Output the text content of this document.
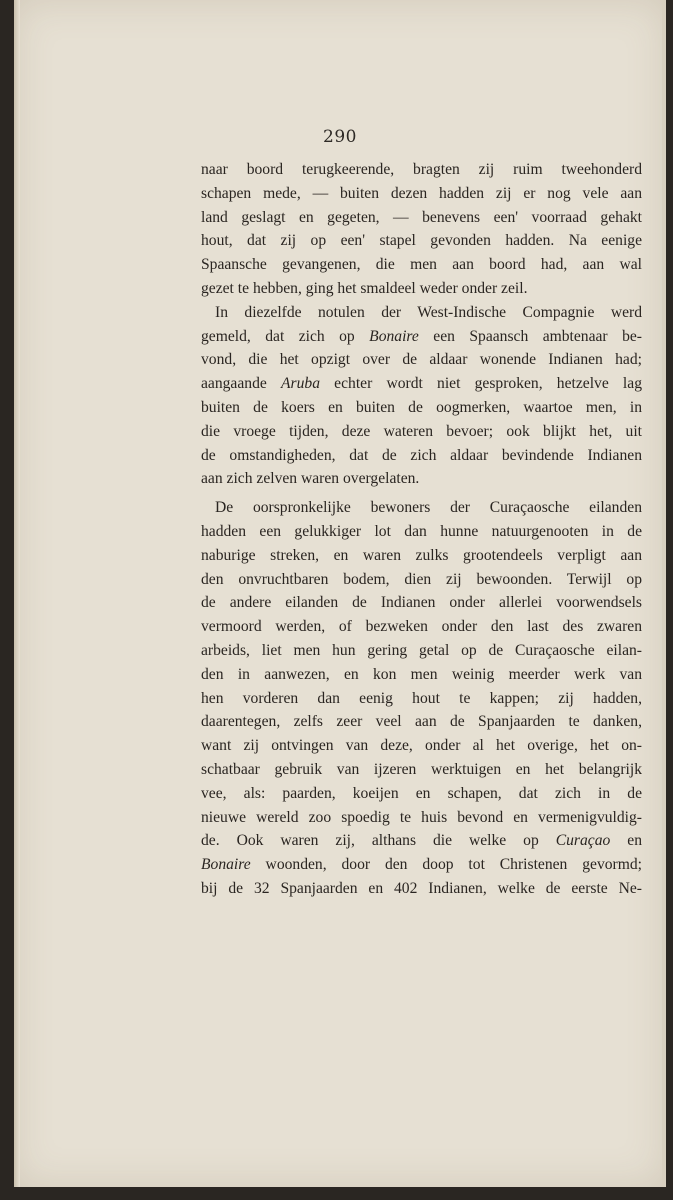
290
naar boord terugkeerende, bragten zij ruim tweehonderd
schapen mede, — buiten dezen hadden zij er nog vele aan
land geslagt en gegeten, — benevens een' voorraad gehakt
hout, dat zij op een' stapel gevonden hadden. Na eenige
Spaansche gevangenen, die men aan boord had, aan wal
gezet te hebben, ging het smaldeel weder onder zeil.
In diezelfde notulen der West-Indische Compagnie werd
gemeld, dat zich op Bonaire een Spaansch ambtenaar be-
vond, die het opzigt over de aldaar wonende Indianen had;
aangaande Aruba echter wordt niet gesproken, hetzelve lag
buiten de koers en buiten de oogmerken, waartoe men, in
die vroege tijden, deze wateren bevoer; ook blijkt het, uit
de omstandigheden, dat de zich aldaar bevindende Indianen
aan zich zelven waren overgelaten.
De oorspronkelijke bewoners der Curaçaosche eilanden
hadden een gelukkiger lot dan hunne natuurgenooten in de
naburige streken, en waren zulks grootendeels verpligt aan
den onvruchtbaren bodem, dien zij bewoonden. Terwijl op
de andere eilanden de Indianen onder allerlei voorwendsels
vermoord werden, of bezweken onder den last des zwaren
arbeids, liet men hun gering getal op de Curaçaosche eilan-
den in aanwezen, en kon men weinig meerder werk van
hen vorderen dan eenig hout te kappen; zij hadden,
daarentegen, zelfs zeer veel aan de Spanjaarden te danken,
want zij ontvingen van deze, onder al het overige, het on-
schatbaar gebruik van ijzeren werktuigen en het belangrijk
vee, als: paarden, koeijen en schapen, dat zich in de
nieuwe wereld zoo spoedig te huis bevond en vermenigvuldig-
de. Ook waren zij, althans die welke op Curaçao en
Bonaire woonden, door den doop tot Christenen gevormd;
bij de 32 Spanjaarden en 402 Indianen, welke de eerste Ne-
